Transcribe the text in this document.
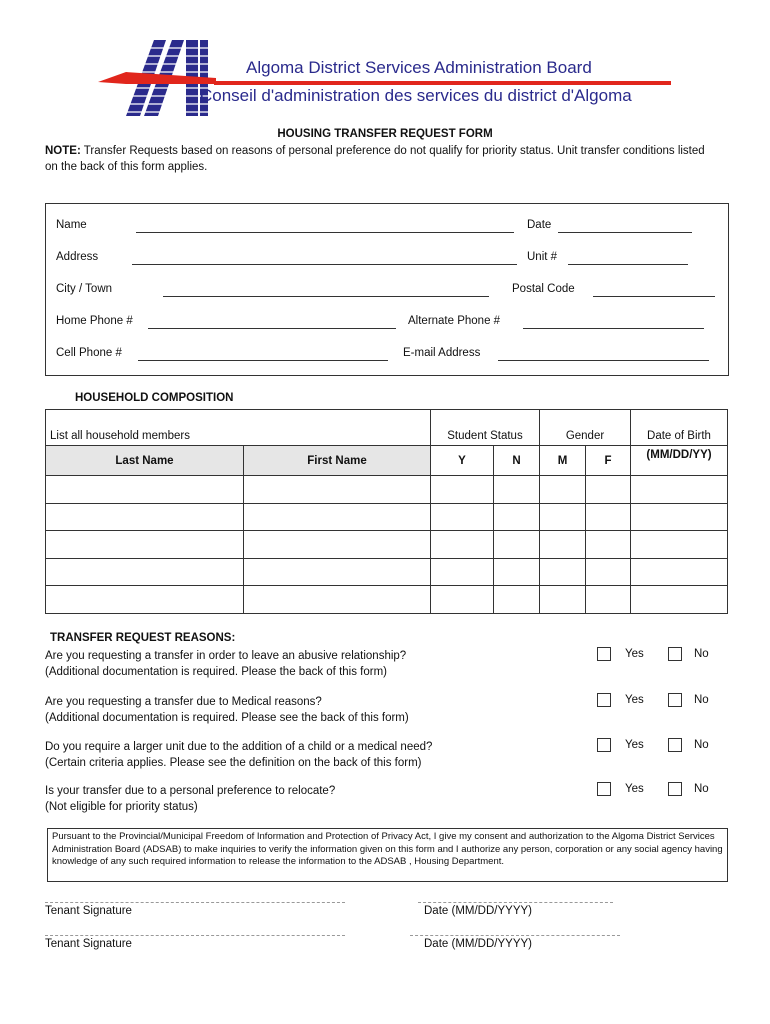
Algoma District Services Administration Board
Conseil d'administration des services du district d'Algoma
HOUSING TRANSFER REQUEST FORM
NOTE: Transfer Requests based on reasons of personal preference do not qualify for priority status. Unit transfer conditions listed on the back of this form applies.
Name	Date
Address	Unit #
City / Town	Postal Code
Home Phone #	Alternate Phone #
Cell Phone #	E-mail Address
HOUSEHOLD COMPOSITION
List all household members		Student Status		Gender		Date of Birth
Last Name	First Name	Y	N	M	F	(MM/DD/YY)

TRANSFER REQUEST REASONS:
Are you requesting a transfer in order to leave an abusive relationship?
(Additional documentation is required. Please the back of this form)
Yes	No
Are you requesting a transfer due to Medical reasons?
(Additional documentation is required. Please see the back of this form)
Yes	No
Do you require a larger unit due to the addition of a child or a medical need?
(Certain criteria applies. Please see the definition on the back of this form)
Yes	No
Is your transfer due to a personal preference to relocate?
(Not eligible for priority status)
Yes	No
Pursuant to the Provincial/Municipal Freedom of Information and Protection of Privacy Act, I give my consent and authorization to the Algoma District Services Administration Board (ADSAB) to make inquiries to verify the information given on this form and I authorize any person, corporation or any social agency having knowledge of any such required information to release the information to the ADSAB , Housing Department.
Tenant Signature	Date (MM/DD/YYYY)
Tenant Signature	Date (MM/DD/YYYY)
